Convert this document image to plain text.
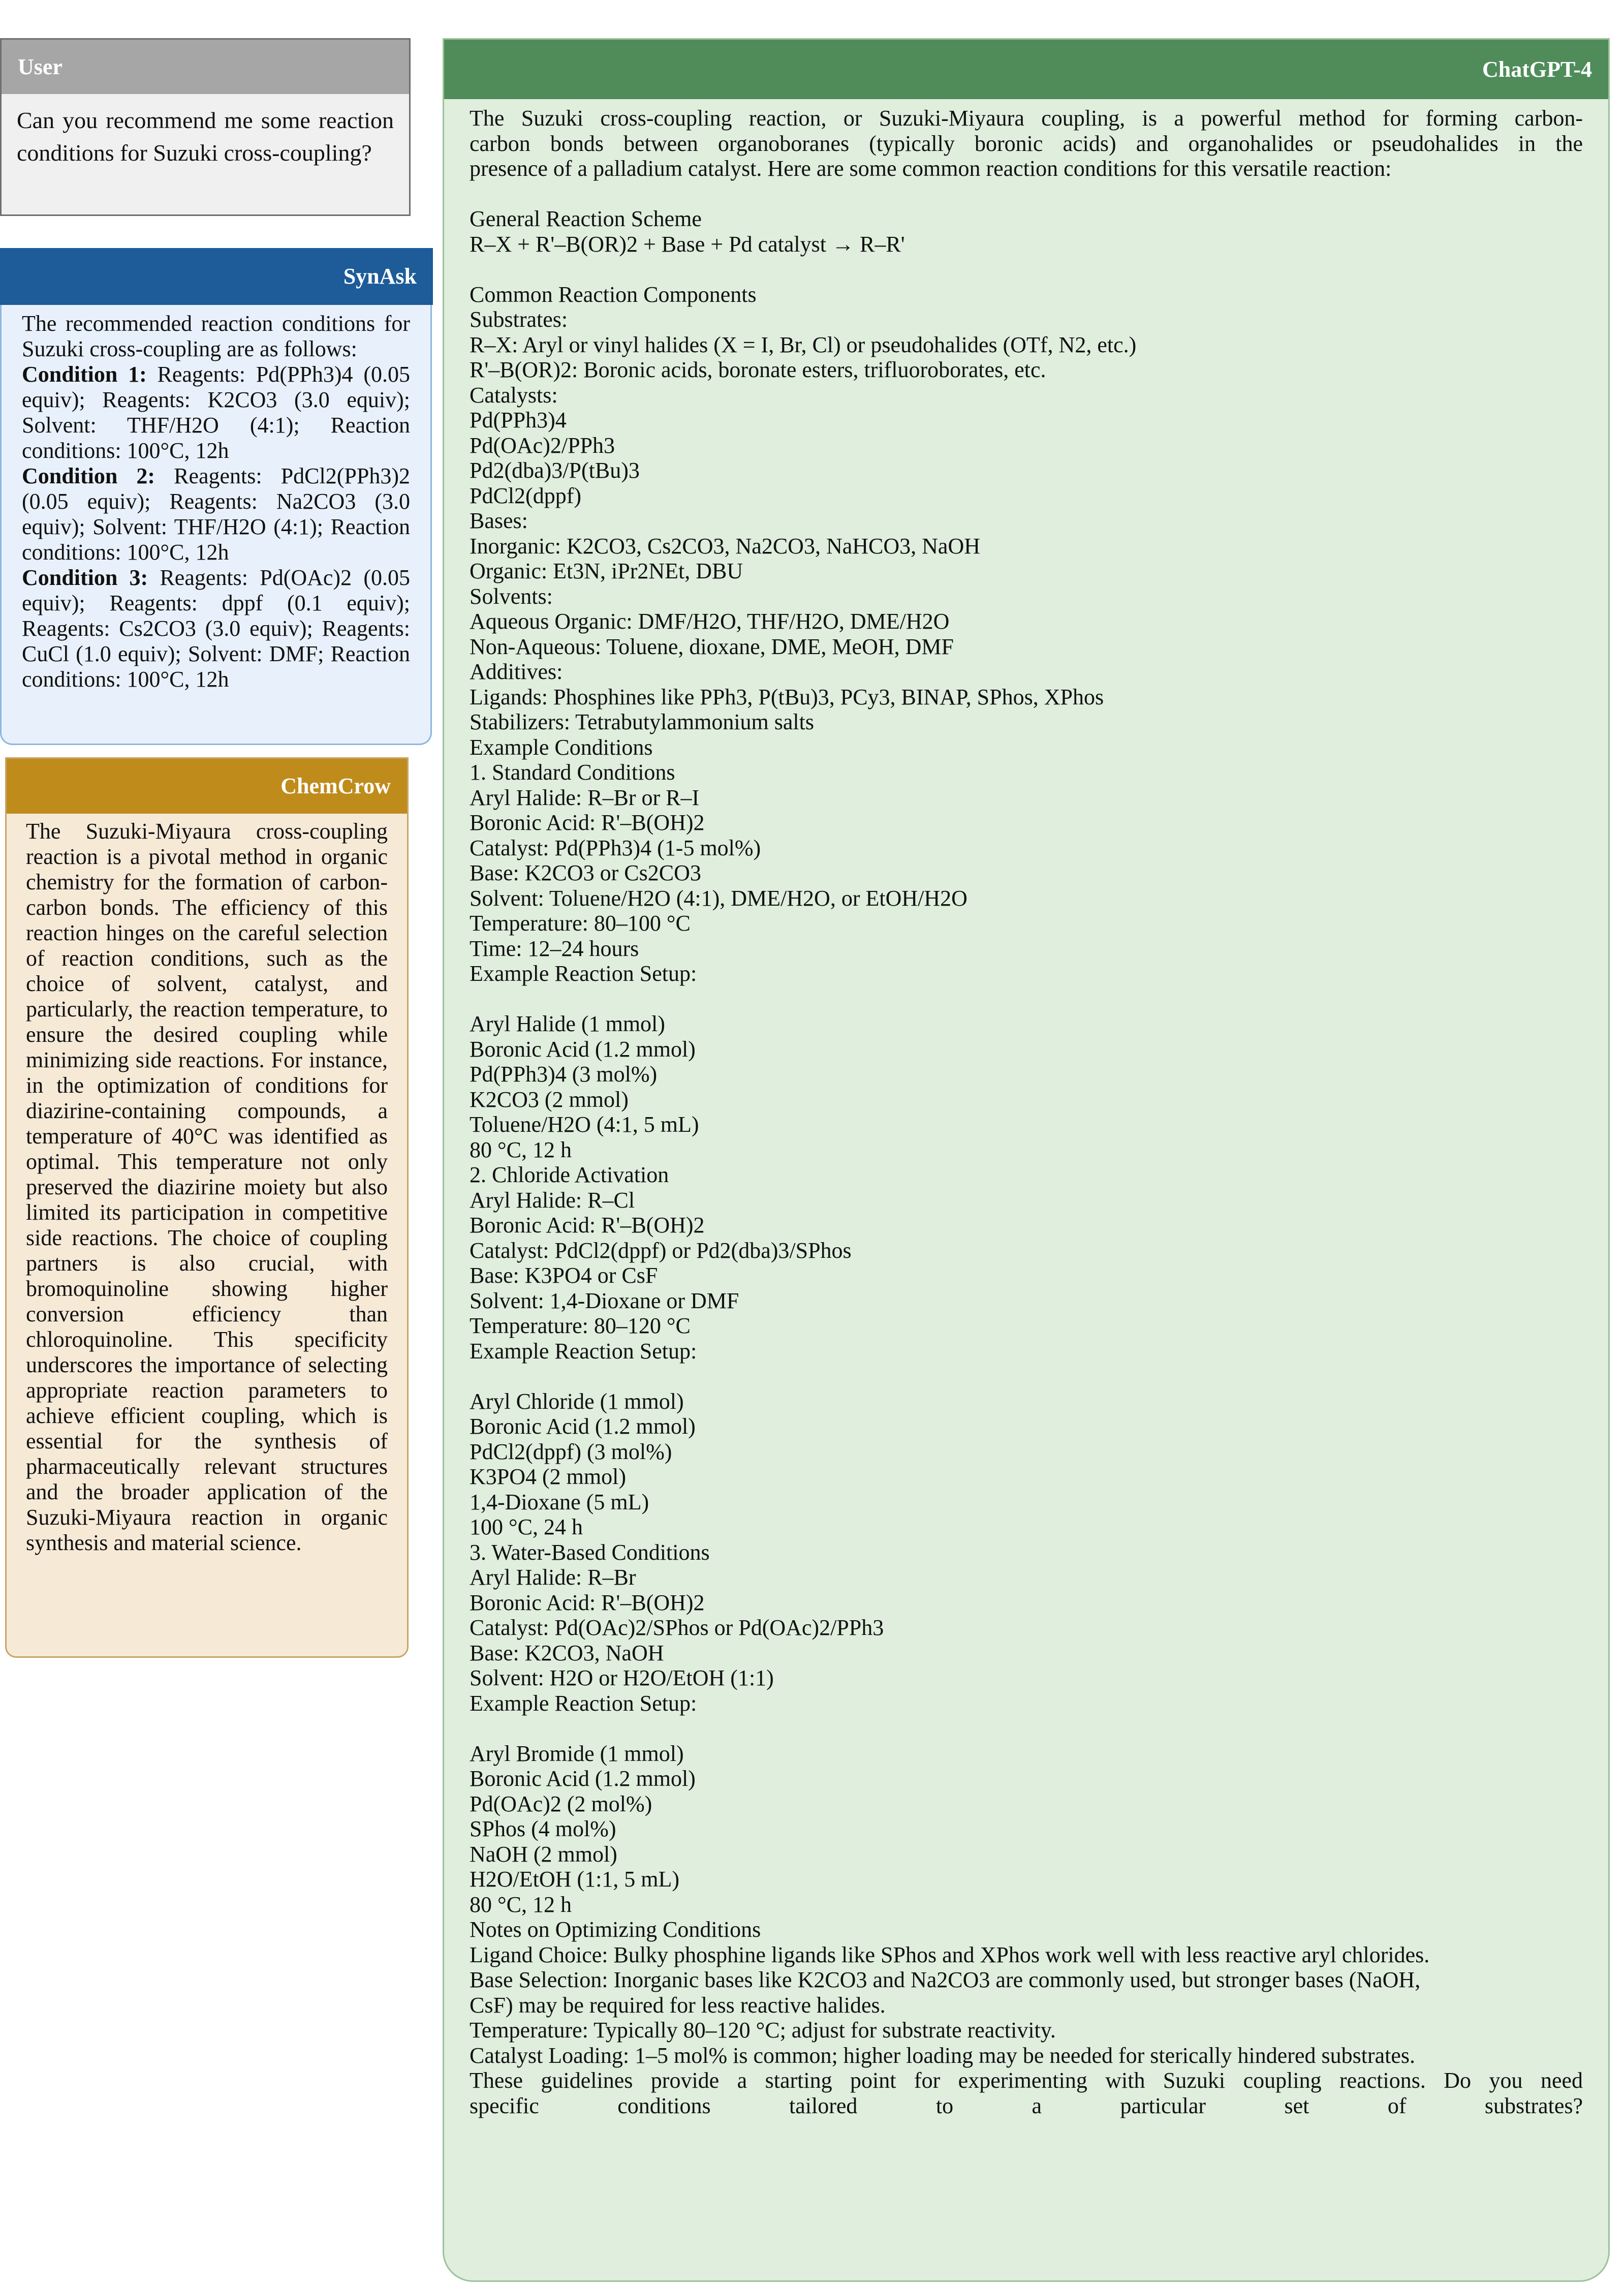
User
Can you recommend me some reaction conditions for Suzuki cross-coupling?
SynAsk
The recommended reaction conditions for Suzuki cross-coupling are as follows:
Condition 1: Reagents: Pd(PPh3)4 (0.05 equiv); Reagents: K2CO3 (3.0 equiv); Solvent: THF/H2O (4:1); Reaction conditions: 100°C, 12h
Condition 2: Reagents: PdCl2(PPh3)2 (0.05 equiv); Reagents: Na2CO3 (3.0 equiv); Solvent: THF/H2O (4:1); Reaction conditions: 100°C, 12h
Condition 3: Reagents: Pd(OAc)2 (0.05 equiv); Reagents: dppf (0.1 equiv); Reagents: Cs2CO3 (3.0 equiv); Reagents: CuCl (1.0 equiv); Solvent: DMF; Reaction conditions: 100°C, 12h
ChemCrow
The Suzuki-Miyaura cross-coupling reaction is a pivotal method in organic chemistry for the formation of carbon-carbon bonds. The efficiency of this reaction hinges on the careful selection of reaction conditions, such as the choice of solvent, catalyst, and particularly, the reaction temperature, to ensure the desired coupling while minimizing side reactions. For instance, in the optimization of conditions for diazirine-containing compounds, a temperature of 40°C was identified as optimal. This temperature not only preserved the diazirine moiety but also limited its participation in competitive side reactions. The choice of coupling partners is also crucial, with bromoquinoline showing higher conversion efficiency than chloroquinoline. This specificity underscores the importance of selecting appropriate reaction parameters to achieve efficient coupling, which is essential for the synthesis of pharmaceutically relevant structures and the broader application of the Suzuki-Miyaura reaction in organic synthesis and material science.
ChatGPT-4
The Suzuki cross-coupling reaction, or Suzuki-Miyaura coupling, is a powerful method for forming carbon-
carbon bonds between organoboranes (typically boronic acids) and organohalides or pseudohalides in the
presence of a palladium catalyst. Here are some common reaction conditions for this versatile reaction:
General Reaction Scheme
R–X + R'–B(OR)2 + Base + Pd catalyst → R–R'
Common Reaction Components
Substrates:
R–X: Aryl or vinyl halides (X = I, Br, Cl) or pseudohalides (OTf, N2, etc.)
R'–B(OR)2: Boronic acids, boronate esters, trifluoroborates, etc.
Catalysts:
Pd(PPh3)4
Pd(OAc)2/PPh3
Pd2(dba)3/P(tBu)3
PdCl2(dppf)
Bases:
Inorganic: K2CO3, Cs2CO3, Na2CO3, NaHCO3, NaOH
Organic: Et3N, iPr2NEt, DBU
Solvents:
Aqueous Organic: DMF/H2O, THF/H2O, DME/H2O
Non-Aqueous: Toluene, dioxane, DME, MeOH, DMF
Additives:
Ligands: Phosphines like PPh3, P(tBu)3, PCy3, BINAP, SPhos, XPhos
Stabilizers: Tetrabutylammonium salts
Example Conditions
1. Standard Conditions
Aryl Halide: R–Br or R–I
Boronic Acid: R'–B(OH)2
Catalyst: Pd(PPh3)4 (1-5 mol%)
Base: K2CO3 or Cs2CO3
Solvent: Toluene/H2O (4:1), DME/H2O, or EtOH/H2O
Temperature: 80–100 °C
Time: 12–24 hours
Example Reaction Setup:
Aryl Halide (1 mmol)
Boronic Acid (1.2 mmol)
Pd(PPh3)4 (3 mol%)
K2CO3 (2 mmol)
Toluene/H2O (4:1, 5 mL)
80 °C, 12 h
2. Chloride Activation
Aryl Halide: R–Cl
Boronic Acid: R'–B(OH)2
Catalyst: PdCl2(dppf) or Pd2(dba)3/SPhos
Base: K3PO4 or CsF
Solvent: 1,4-Dioxane or DMF
Temperature: 80–120 °C
Example Reaction Setup:
Aryl Chloride (1 mmol)
Boronic Acid (1.2 mmol)
PdCl2(dppf) (3 mol%)
K3PO4 (2 mmol)
1,4-Dioxane (5 mL)
100 °C, 24 h
3. Water-Based Conditions
Aryl Halide: R–Br
Boronic Acid: R'–B(OH)2
Catalyst: Pd(OAc)2/SPhos or Pd(OAc)2/PPh3
Base: K2CO3, NaOH
Solvent: H2O or H2O/EtOH (1:1)
Example Reaction Setup:
Aryl Bromide (1 mmol)
Boronic Acid (1.2 mmol)
Pd(OAc)2 (2 mol%)
SPhos (4 mol%)
NaOH (2 mmol)
H2O/EtOH (1:1, 5 mL)
80 °C, 12 h
Notes on Optimizing Conditions
Ligand Choice: Bulky phosphine ligands like SPhos and XPhos work well with less reactive aryl chlorides.
Base Selection: Inorganic bases like K2CO3 and Na2CO3 are commonly used, but stronger bases (NaOH,
CsF) may be required for less reactive halides.
Temperature: Typically 80–120 °C; adjust for substrate reactivity.
Catalyst Loading: 1–5 mol% is common; higher loading may be needed for sterically hindered substrates.
These guidelines provide a starting point for experimenting with Suzuki coupling reactions. Do you need
specific conditions tailored to a particular set of substrates?
